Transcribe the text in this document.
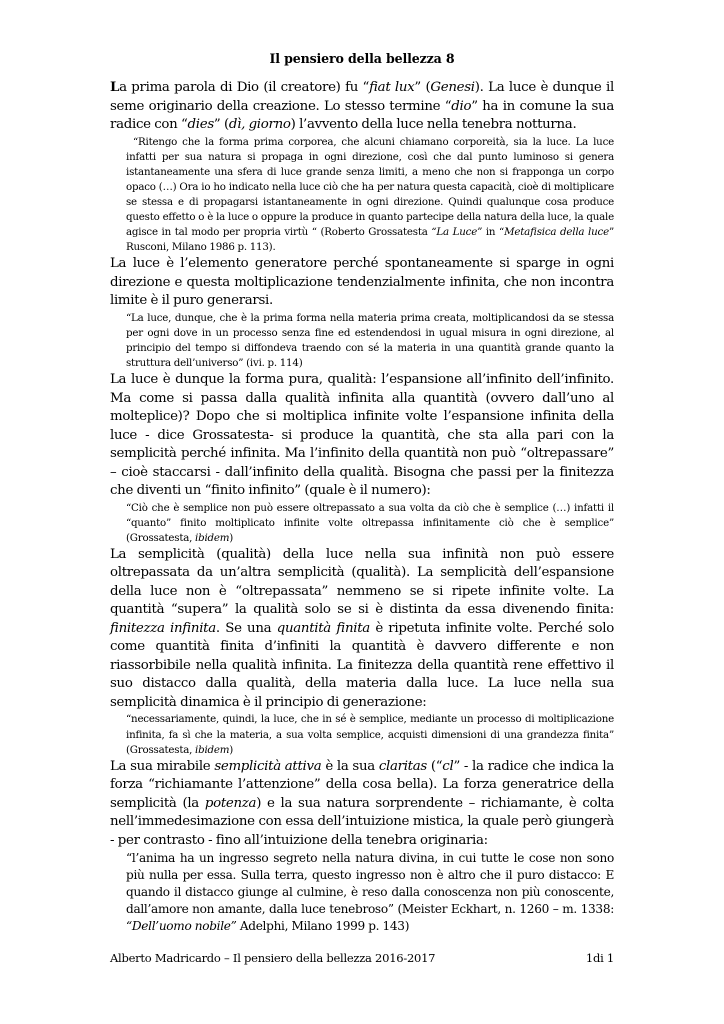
Il pensiero della bellezza 8

La prima parola di Dio (il creatore) fu “fiat lux” (Genesi). La luce è dunque il seme originario della creazione. Lo stesso termine “dio” ha in comune la sua radice con “dies” (dì, giorno) l’avvento della luce nella tenebra notturna.

“Ritengo che la forma prima corporea, che alcuni chiamano corporeità, sia la luce. La luce infatti per sua natura si propaga in ogni direzione, così che dal punto luminoso si genera istantaneamente una sfera di luce grande senza limiti, a meno che non si frapponga un corpo opaco (…) Ora io ho indicato nella luce ciò che ha per natura questa capacità, cioè di moltiplicare se stessa e di propagarsi istantaneamente in ogni direzione. Quindi qualunque cosa produce questo effetto o è la luce o oppure la produce in quanto partecipe della natura della luce, la quale agisce in tal modo per propria virtù “ (Roberto Grossatesta “La Luce” in “Metafisica della luce” Rusconi, Milano 1986 p. 113).

La luce è l’elemento generatore perché spontaneamente si sparge in ogni direzione e questa moltiplicazione tendenzialmente infinita, che non incontra limite è il puro generarsi.

“La luce, dunque, che è la prima forma nella materia prima creata, moltiplicandosi da se stessa per ogni dove in un processo senza fine ed estendendosi in ugual misura in ogni direzione, al principio del tempo si diffondeva traendo con sé la materia in una quantità grande quanto la struttura dell’universo” (ivi. p. 114)

La luce è dunque la forma pura, qualità: l’espansione all’infinito dell’infinito. Ma come si passa dalla qualità infinita alla quantità (ovvero dall’uno al molteplice)? Dopo che si moltiplica infinite volte l’espansione infinita della luce - dice Grossatesta- si produce la quantità, che sta alla pari con la semplicità perché infinita. Ma l’infinito della quantità non può “oltrepassare” – cioè staccarsi - dall’infinito della qualità. Bisogna che passi per la finitezza che diventi un “finito infinito” (quale è il numero):

“Ciò che è semplice non può essere oltrepassato a sua volta da ciò che è semplice (…) infatti il “quanto” finito moltiplicato infinite volte oltrepassa infinitamente ciò che è semplice” (Grossatesta, ibidem)

La semplicità (qualità) della luce nella sua infinità non può essere oltrepassata da un’altra semplicità (qualità). La semplicità dell’espansione della luce non è “oltrepassata” nemmeno se si ripete infinite volte. La quantità “supera” la qualità solo se si è distinta da essa divenendo finita: finitezza infinita. Se una quantità finita è ripetuta infinite volte. Perché solo come quantità finita d’infiniti la quantità è davvero differente e non riassorbibile nella qualità infinita. La finitezza della quantità rene effettivo il suo distacco dalla qualità, della materia dalla luce. La luce nella sua semplicità dinamica è il principio di generazione:

“necessariamente, quindi, la luce, che in sé è semplice, mediante un processo di moltiplicazione infinita, fa sì che la materia, a sua volta semplice, acquisti dimensioni di una grandezza finita” (Grossatesta, ibidem)

La sua mirabile semplicità attiva è la sua claritas (“cl” - la radice che indica la forza “richiamante l’attenzione” della cosa bella). La forza generatrice della semplicità (la potenza) e la sua natura sorprendente – richiamante, è colta nell’immedesimazione con essa dell’intuizione mistica, la quale però giungerà - per contrasto - fino all’intuizione della tenebra originaria:

“l’anima ha un ingresso segreto nella natura divina, in cui tutte le cose non sono più nulla per essa. Sulla terra, questo ingresso non è altro che il puro distacco: E quando il distacco giunge al culmine, è reso dalla conoscenza non più conoscente, dall’amore non amante, dalla luce tenebroso” (Meister Eckhart, n. 1260 – m. 1338: “Dell’uomo nobile” Adelphi, Milano 1999 p. 143)

Alberto Madricardo – Il pensiero della bellezza 2016-2017	1di 1
